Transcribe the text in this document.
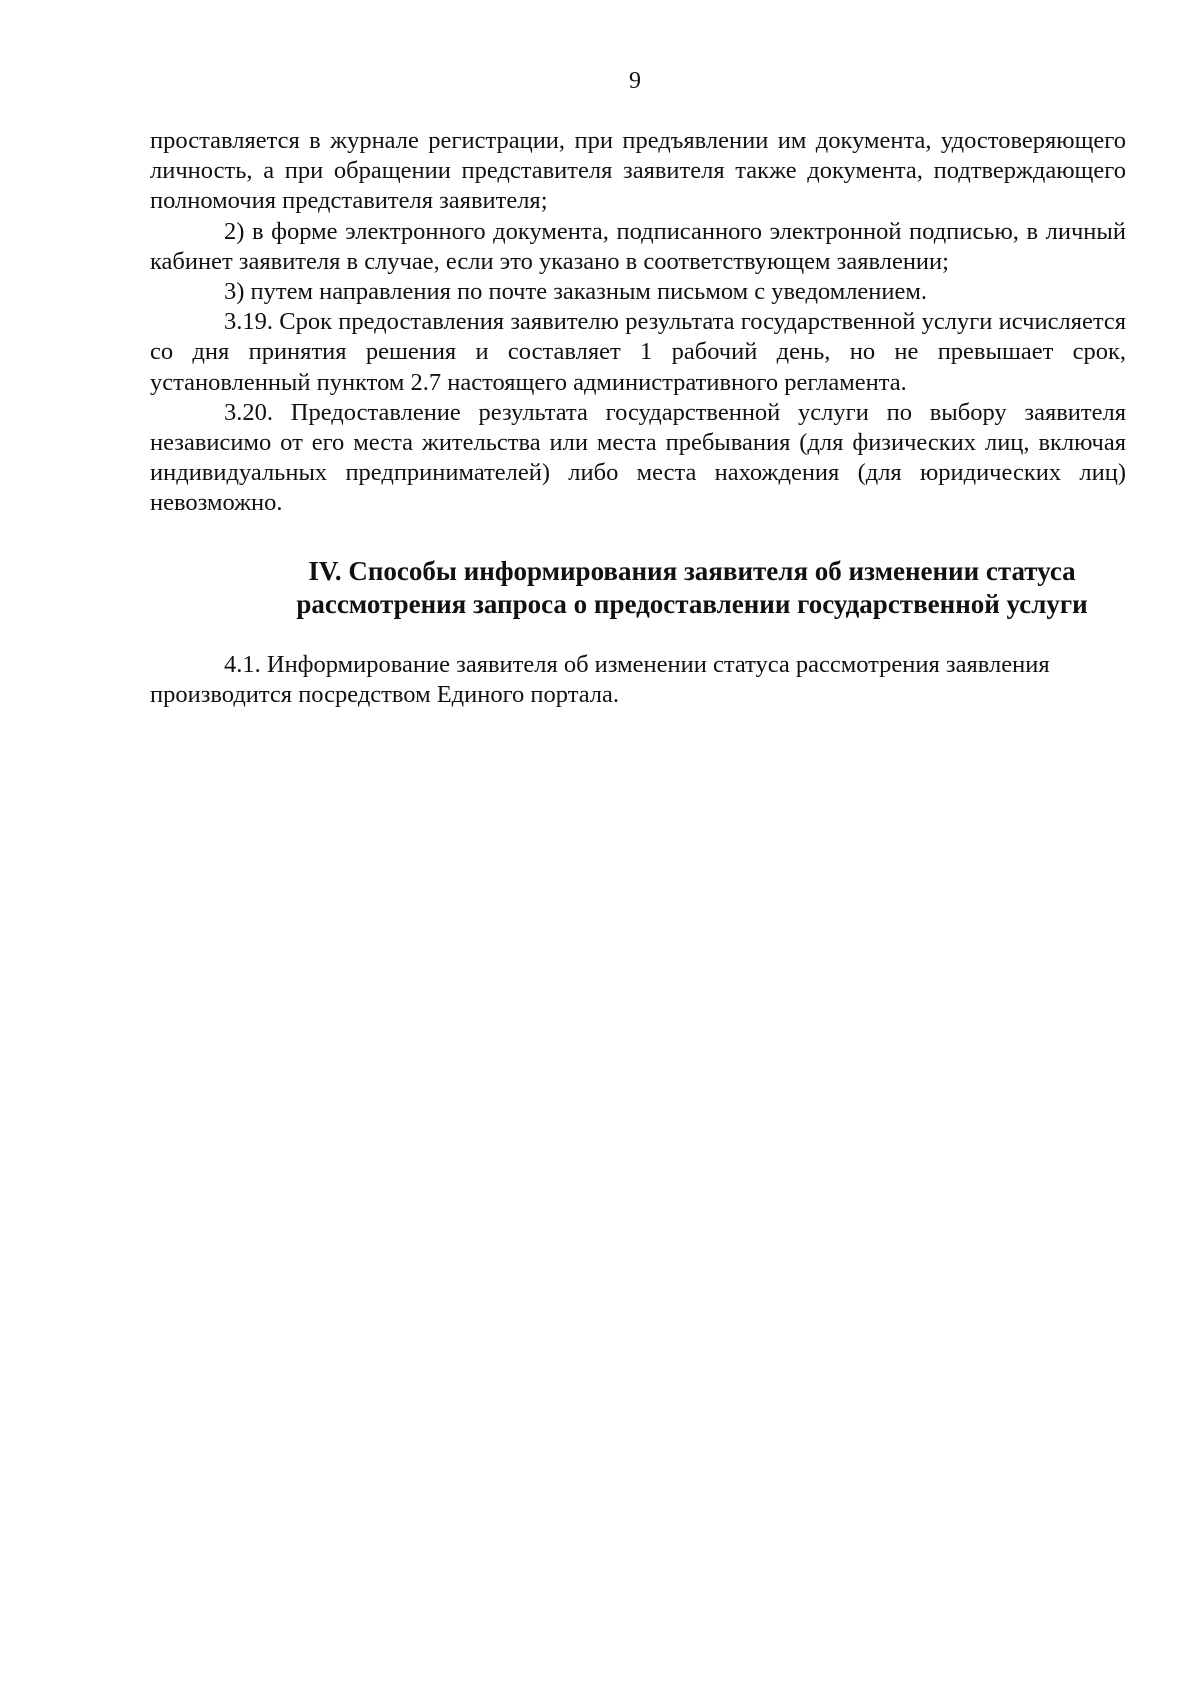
9

проставляется в журнале регистрации, при предъявлении им документа, удостоверяющего личность, а при обращении представителя заявителя также документа, подтверждающего полномочия представителя заявителя;

2) в форме электронного документа, подписанного электронной подписью, в личный кабинет заявителя в случае, если это указано в соответствующем заявлении;

3) путем направления по почте заказным письмом с уведомлением.

3.19. Срок предоставления заявителю результата государственной услуги исчисляется со дня принятия решения и составляет 1 рабочий день, но не превышает срок, установленный пунктом 2.7 настоящего административного регламента.

3.20. Предоставление результата государственной услуги по выбору заявителя независимо от его места жительства или места пребывания (для физических лиц, включая индивидуальных предпринимателей) либо места нахождения (для юридических лиц) невозможно.

IV. Способы информирования заявителя об изменении статуса
рассмотрения запроса о предоставлении государственной услуги

4.1. Информирование заявителя об изменении статуса рассмотрения заявления производится посредством Единого портала.
